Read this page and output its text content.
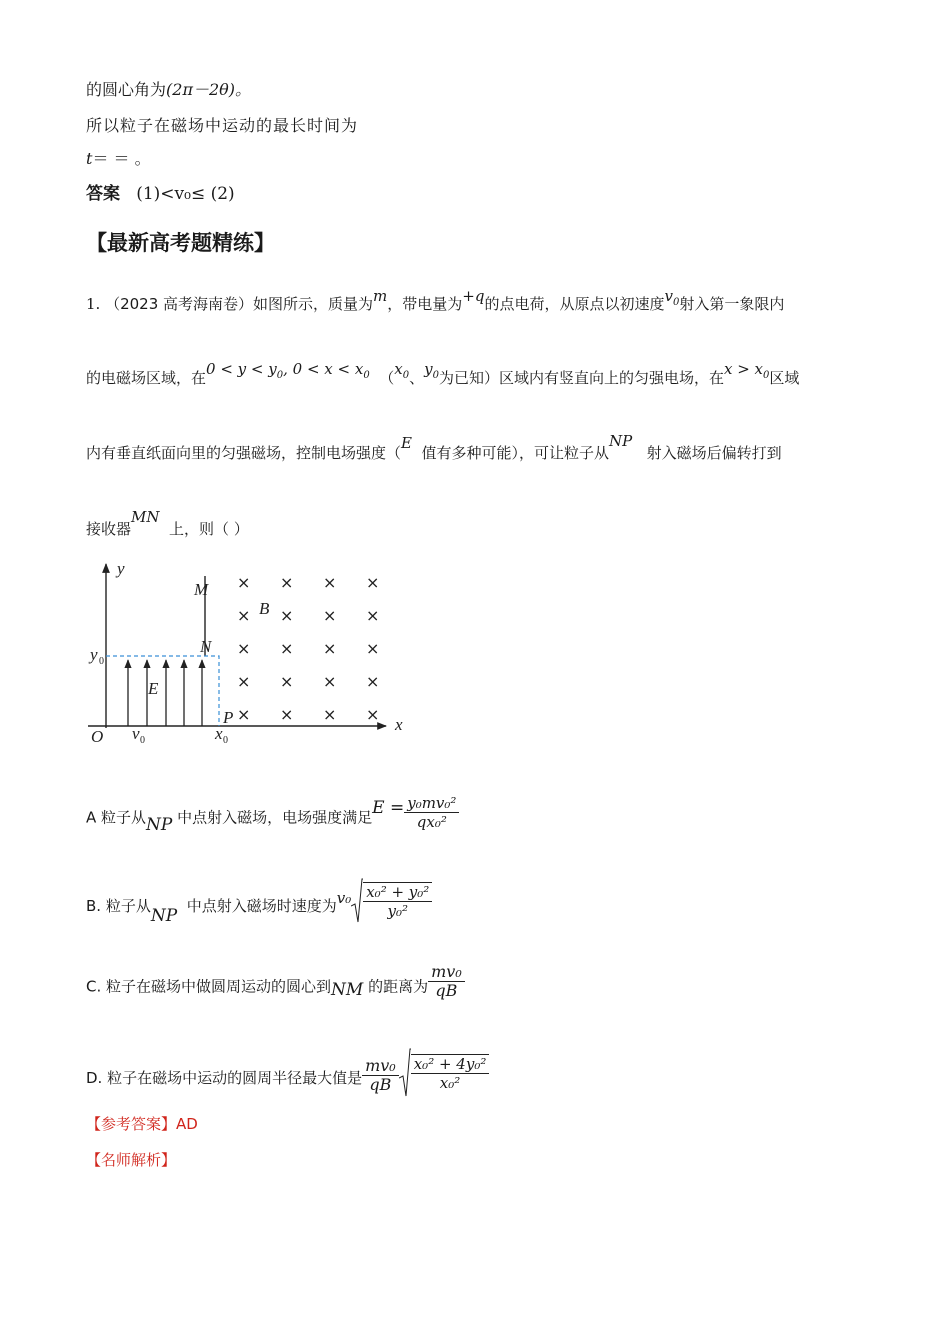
的圆心角为(2π－2θ)。
所以粒子在磁场中运动的最长时间为
t＝ ＝ 。
答案 (1)<v₀≤ (2)
【最新高考题精练】
1. （2023 高考海南卷）如图所示，质量为m，带电量为+q的点电荷，从原点以初速度$v_0$射入第一象限内
的电磁场区域，在$0 < y < y_0$, $0 < x < x_0$ （$x_0$、$y_0$为已知）区域内有竖直向上的匀强电场，在$x > x_0$区域
内有垂直纸面向里的匀强磁场，控制电场强度（E  值有多种可能），可让粒子从NP   射入磁场后偏转打到
接收器MN  上，则（ ）
× × × ×
× × × ×
× × × ×
× × × ×
× × × ×
y
x
O
M
N
P
B
E
y 0
x 0
v 0
A 粒子从NP 中点射入磁场，电场强度满足$E = \frac{\text{y₀mv₀²}}{\text{qx₀²}}$
B. 粒子从NP 中点射入磁场时速度为$v_0 \frac{\text{x₀² + y₀²}}{\text{y₀²}}$
C. 粒子在磁场中做圆周运动的圆心到NM 的距离为 $\frac{\text{mv₀}}{qB}$
D. 粒子在磁场中运动的圆周半径最大值是 $\frac{\text{mv₀}}{qB} \frac{\text{x₀² + 4y₀²}}{\text{x₀²}}$
【参考答案】AD
【名师解析】
